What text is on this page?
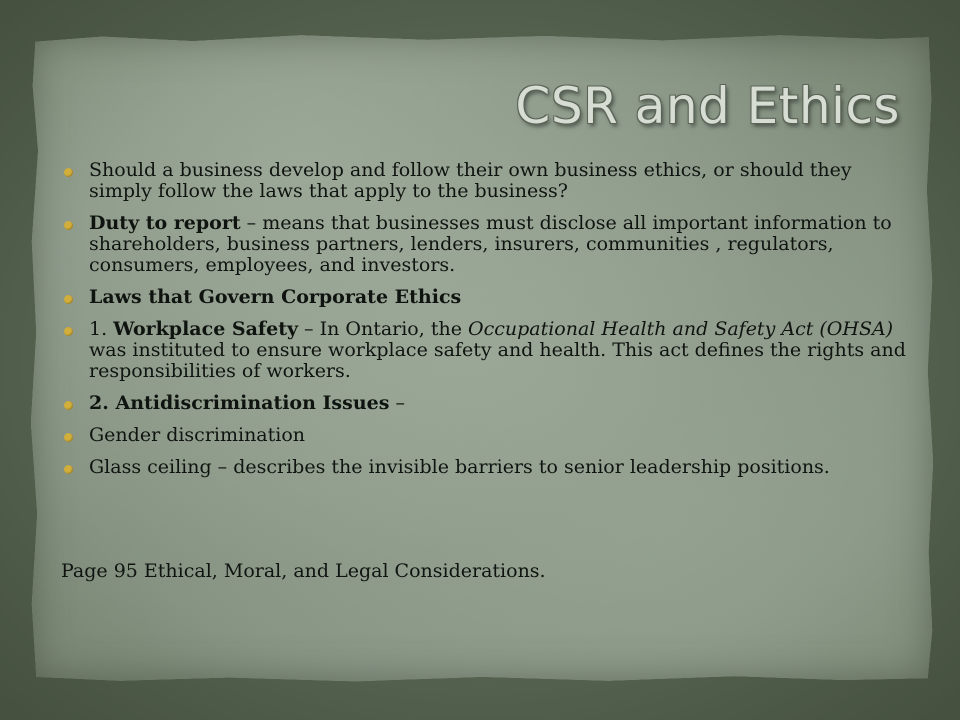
CSR and Ethics
Should a business develop and follow their own business ethics, or should they simply follow the laws that apply to the business?
Duty to report – means that businesses must disclose all important information to shareholders, business partners, lenders, insurers, communities , regulators, consumers, employees, and investors.
Laws that Govern Corporate Ethics
1. Workplace Safety – In Ontario, the Occupational Health and Safety Act (OHSA) was instituted to ensure workplace safety and health. This act defines the rights and responsibilities of workers.
2. Antidiscrimination Issues –
Gender discrimination
Glass ceiling – describes the invisible barriers to senior leadership positions.
Page 95 Ethical, Moral, and Legal Considerations.
